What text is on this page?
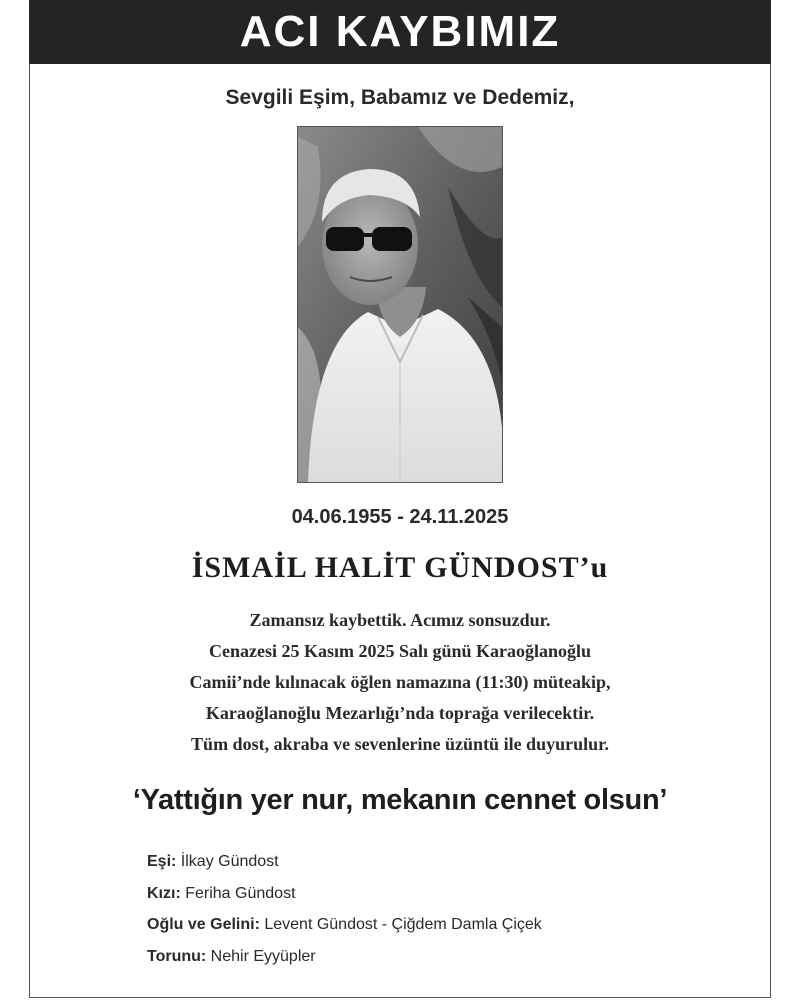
ACI KAYBIMIZ
Sevgili Eşim, Babamız ve Dedemiz,
04.06.1955 - 24.11.2025
İSMAİL HALİT GÜNDOST’u
Zamansız kaybettik. Acımız sonsuzdur.
Cenazesi 25 Kasım 2025 Salı günü Karaoğlanoğlu
Camii’nde kılınacak öğlen namazına (11:30) müteakip,
Karaoğlanoğlu Mezarlığı’nda toprağa verilecektir.
Tüm dost, akraba ve sevenlerine üzüntü ile duyurulur.
‘Yattığın yer nur, mekanın cennet olsun’
Eşi: İlkay Gündost
Kızı: Feriha Gündost
Oğlu ve Gelini: Levent Gündost - Çiğdem Damla Çiçek
Torunu: Nehir Eyyüpler
